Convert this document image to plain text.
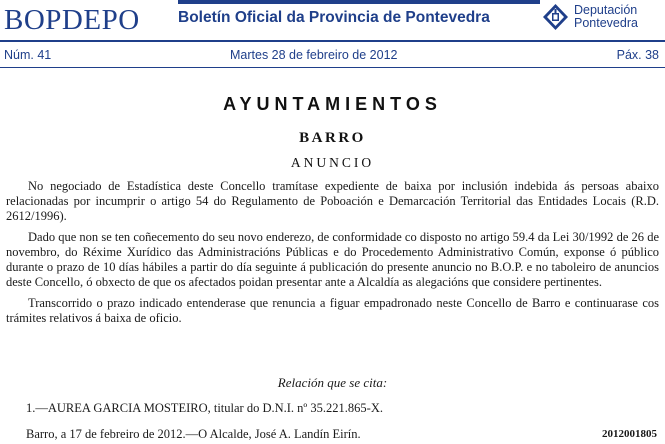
BOPDEPO Boletín Oficial da Provincia de Pontevedra	Deputación
Pontevedra
Núm. 41	Martes 28 de febreiro de 2012	Páx. 38
AYUNTAMIENTOS
BARRO
ANUNCIO

No negociado de Estadística deste Concello tramítase expediente de baixa por inclusión indebida ás persoas abaixo relacionadas por incumprir o artigo 54 do Regulamento de Poboación e Demarcación Territorial das Entidades Locais (R.D. 2612/1996).

Dado que non se ten coñecemento do seu novo enderezo, de conformidade co disposto no artigo 59.4 da Lei 30/1992 de 26 de novembro, do Réxime Xurídico das Administracións Públicas e do Procedemento Administrativo Común, exponse ó público durante o prazo de 10 días hábiles a partir do día seguinte á publicación do presente anuncio no B.O.P. e no taboleiro de anuncios deste Concello, ó obxecto de que os afectados poidan presentar ante a Alcaldía as alegacións que considere pertinentes.

Transcorrido o prazo indicado entenderase que renuncia a figuar empadronado neste Concello de Barro e continuarase cos trámites relativos á baixa de oficio.

Relación que se cita:
1.—AUREA GARCIA MOSTEIRO, titular do D.N.I. nº 35.221.865-X.
Barro, a 17 de febreiro de 2012.—O Alcalde, José A. Landín Eirín.	2012001805
